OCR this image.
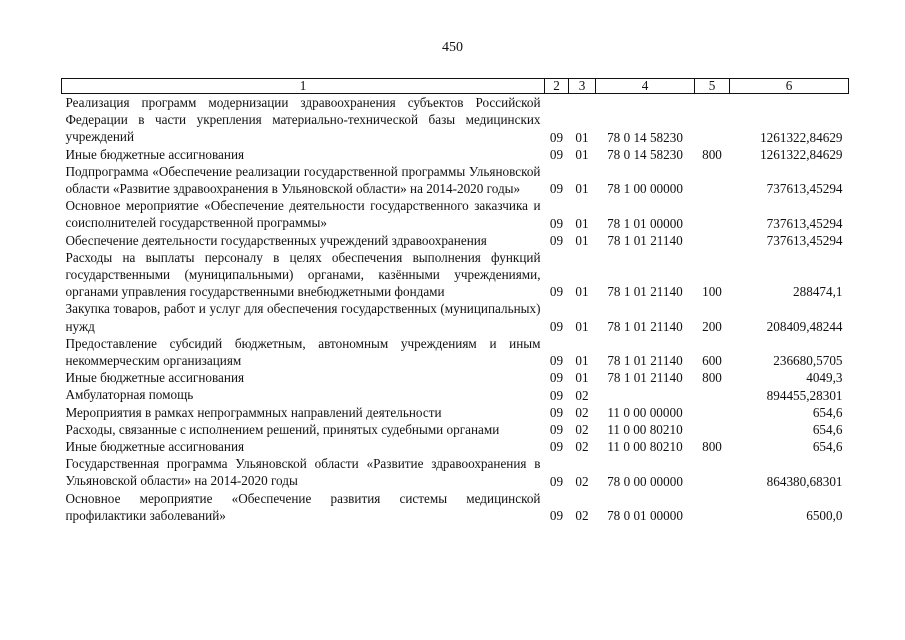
450
1	2	3	4	5	6
Реализация программ модернизации здравоохранения субъектов Российской Федерации в части укрепления материально-технической базы медицинских учреждений	09	01	78 0 14 58230		1261322,84629
Иные бюджетные ассигнования	09	01	78 0 14 58230	800	1261322,84629
Подпрограмма «Обеспечение реализации государственной программы Ульяновской области «Развитие здравоохранения в Ульяновской области» на 2014-2020 годы»	09	01	78 1 00 00000		737613,45294
Основное мероприятие «Обеспечение деятельности государственного заказчика и соисполнителей государственной программы»	09	01	78 1 01 00000		737613,45294
Обеспечение деятельности государственных учреждений здравоохранения	09	01	78 1 01 21140		737613,45294
Расходы на выплаты персоналу в целях обеспечения выполнения функций государственными (муниципальными) органами, казёнными учреждениями, органами управления государственными внебюджетными фондами	09	01	78 1 01 21140	100	288474,1
Закупка товаров, работ и услуг для обеспечения государственных (муниципальных) нужд	09	01	78 1 01 21140	200	208409,48244
Предоставление субсидий бюджетным, автономным учреждениям и иным некоммерческим организациям	09	01	78 1 01 21140	600	236680,5705
Иные бюджетные ассигнования	09	01	78 1 01 21140	800	4049,3
Амбулаторная помощь	09	02			894455,28301
Мероприятия в рамках непрограммных направлений деятельности	09	02	11 0 00 00000		654,6
Расходы, связанные с исполнением решений, принятых судебными органами	09	02	11 0 00 80210		654,6
Иные бюджетные ассигнования	09	02	11 0 00 80210	800	654,6
Государственная программа Ульяновской области «Развитие здравоохранения в Ульяновской области» на 2014-2020 годы	09	02	78 0 00 00000		864380,68301
Основное мероприятие «Обеспечение развития системы медицинской профилактики заболеваний»	09	02	78 0 01 00000		6500,0
